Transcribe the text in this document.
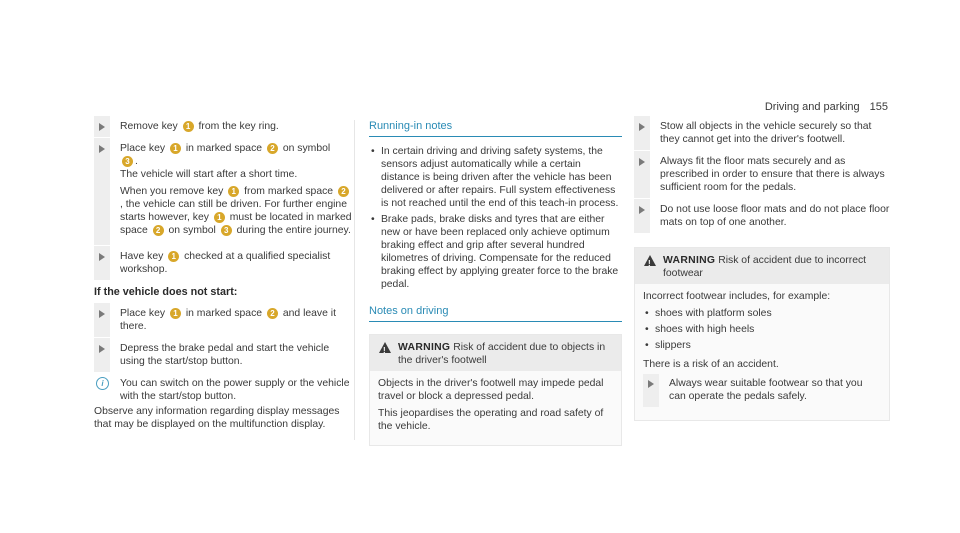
Driving and parking 155
Remove key 1 from the key ring.
Place key 1 in marked space 2 on symbol
3 .
The vehicle will start after a short time.
When you remove key 1 from marked space 2, the vehicle can still be driven. For further engine starts however, key 1 must be located in marked space 2 on symbol 3 during the entire journey.
Have key 1 checked at a qualified specialist workshop.
If the vehicle does not start:
Place key 1 in marked space 2 and leave it there.
Depress the brake pedal and start the vehicle using the start/stop button.
i	You can switch on the power supply or the vehicle with the start/stop button.
Observe any information regarding display messages that may be displayed on the multifunction display.
Running-in notes
• In certain driving and driving safety systems, the sensors adjust automatically while a certain distance is being driven after the vehicle has been delivered or after repairs. Full system effectiveness is not reached until the end of this teach-in process.
• Brake pads, brake disks and tyres that are either new or have been replaced only achieve optimum braking effect and grip after several hundred kilometres of driving. Compensate for the reduced braking effect by applying greater force to the brake pedal.
Notes on driving
! WARNING Risk of accident due to objects in the driver's footwell
Objects in the driver's footwell may impede pedal travel or block a depressed pedal.
This jeopardises the operating and road safety of the vehicle.
Stow all objects in the vehicle securely so that they cannot get into the driver's footwell.
Always fit the floor mats securely and as prescribed in order to ensure that there is always sufficient room for the pedals.
Do not use loose floor mats and do not place floor mats on top of one another.
! WARNING Risk of accident due to incorrect footwear
Incorrect footwear includes, for example:
• shoes with platform soles
• shoes with high heels
• slippers
There is a risk of an accident.
Always wear suitable footwear so that you can operate the pedals safely.
